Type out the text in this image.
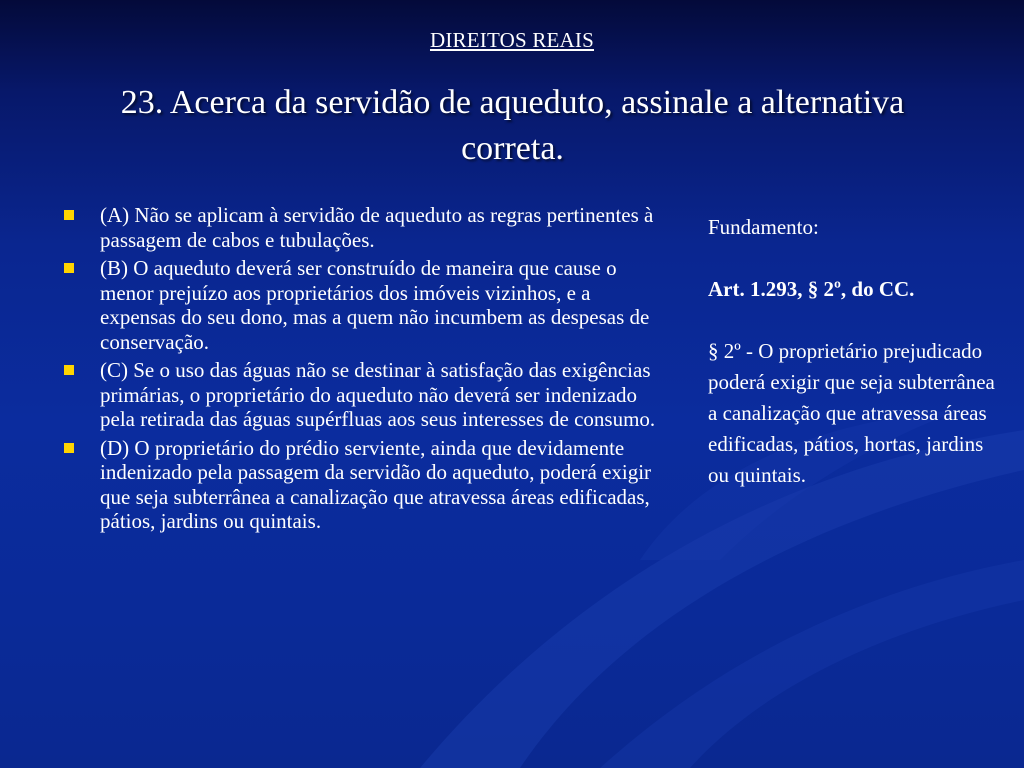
DIREITOS REAIS
23. Acerca da servidão de aqueduto, assinale a alternativa correta.
(A) Não se aplicam à servidão de aqueduto as regras pertinentes à passagem de cabos e tubulações.
(B) O aqueduto deverá ser construído de maneira que cause o menor prejuízo aos proprietários dos imóveis vizinhos, e a expensas do seu dono, mas a quem não incumbem as despesas de conservação.
(C) Se o uso das águas não se destinar à satisfação das exigências primárias, o proprietário do aqueduto não deverá ser indenizado pela retirada das águas supérfluas aos seus interesses de consumo.
(D) O proprietário do prédio serviente, ainda que devidamente indenizado pela passagem da servidão do aqueduto, poderá exigir que seja subterrânea a canalização que atravessa áreas edificadas, pátios, jardins ou quintais.

Fundamento:

Art. 1.293, § 2º, do CC.

§ 2º - O proprietário prejudicado poderá exigir que seja subterrânea a canalização que atravessa áreas edificadas, pátios, hortas, jardins ou quintais.
